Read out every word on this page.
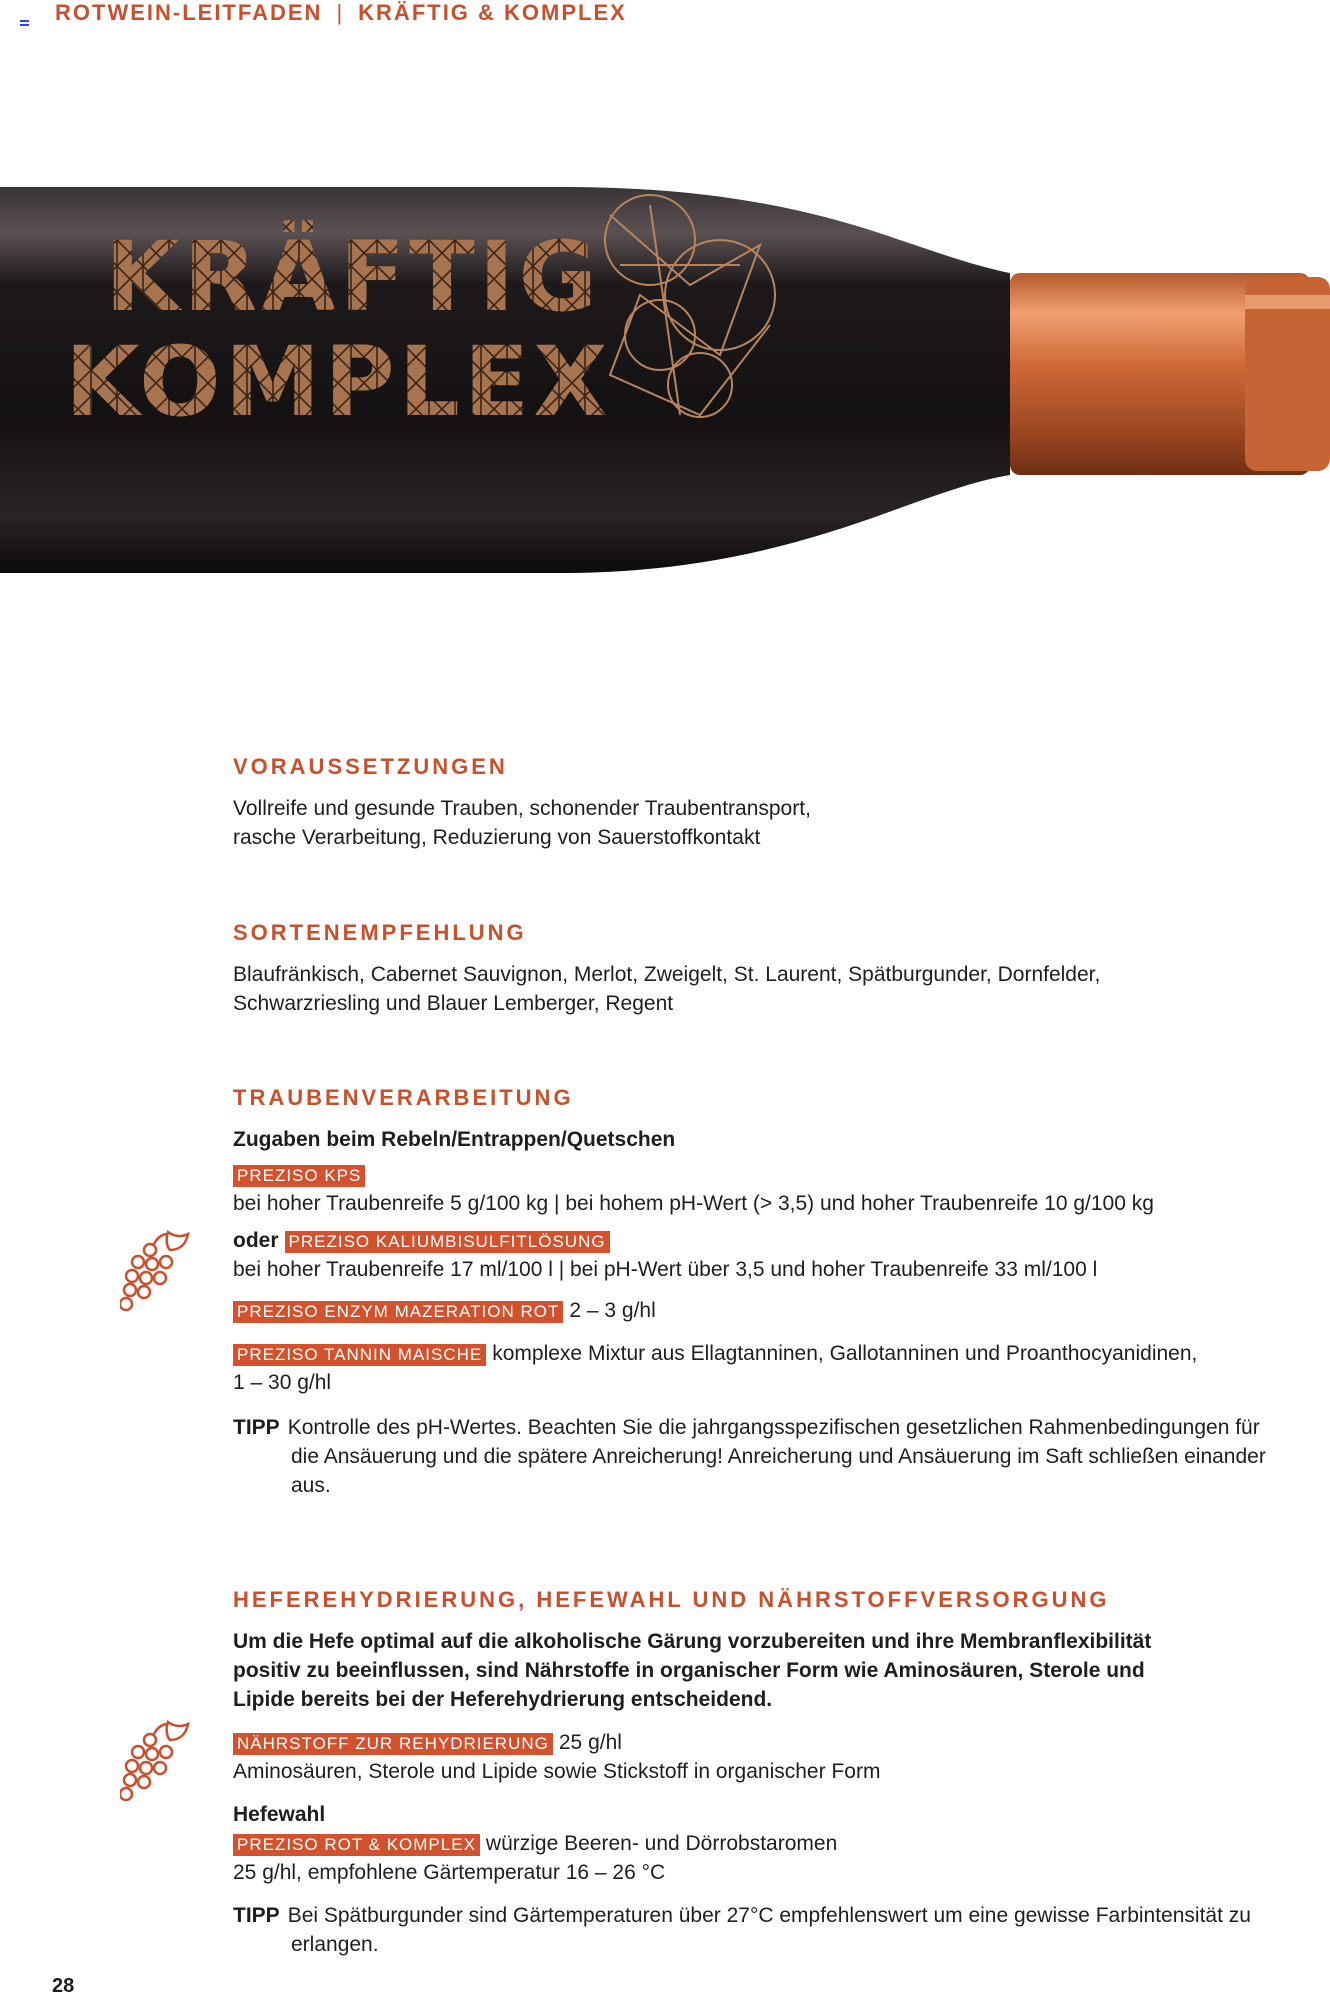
ROTWEIN-LEITFADEN | KRÄFTIG & KOMPLEX
KRÄFTIG
KOMPLEX
VORAUSSETZUNGEN

Vollreife und gesunde Trauben, schonender Traubentransport,

rasche Verarbeitung, Reduzierung von Sauerstoffkontakt

SORTENEMPFEHLUNG

Blaufränkisch, Cabernet Sauvignon, Merlot, Zweigelt, St. Laurent, Spätburgunder, Dornfelder,

Schwarzriesling und Blauer Lemberger, Regent

TRAUBENVERARBEITUNG

Zugaben beim Rebeln/Entrappen/Quetschen

PREZISO KPS

bei hoher Traubenreife 5 g/100 kg | bei hohem pH-Wert (> 3,5) und hoher Traubenreife 10 g/100 kg

oder PREZISO KALIUMBISULFITLÖSUNG

bei hoher Traubenreife 17 ml/100 l | bei pH-Wert über 3,5 und hoher Traubenreife 33 ml/100 l

PREZISO ENZYM MAZERATION ROT 2 – 3 g/hl
PREZISO TANNIN MAISCHE komplexe Mixtur aus Ellagtanninen, Gallotanninen und Proanthocyanidinen,

1 – 30 g/hl

TIPP Kontrolle des pH-Wertes. Beachten Sie die jahrgangsspezifischen gesetzlichen Rahmenbedingungen für die Ansäuerung und die spätere Anreicherung! Anreicherung und Ansäuerung im Saft schließen einander aus.
HEFEREHYDRIERUNG, HEFEWAHL UND NÄHRSTOFFVERSORGUNG

Um die Hefe optimal auf die alkoholische Gärung vorzubereiten und ihre Membranflexibilität

positiv zu beeinflussen, sind Nährstoffe in organischer Form wie Aminosäuren, Sterole und

Lipide bereits bei der Heferehydrierung entscheidend.

NÄHRSTOFF ZUR REHYDRIERUNG 25 g/hl

Aminosäuren, Sterole und Lipide sowie Stickstoff in organischer Form

Hefewahl

PREZISO ROT & KOMPLEX würzige Beeren- und Dörrobstaromen

25 g/hl, empfohlene Gärtemperatur 16 – 26 °C

TIPP Bei Spätburgunder sind Gärtemperaturen über 27°C empfehlenswert um eine gewisse Farbintensität zu erlangen.
28
